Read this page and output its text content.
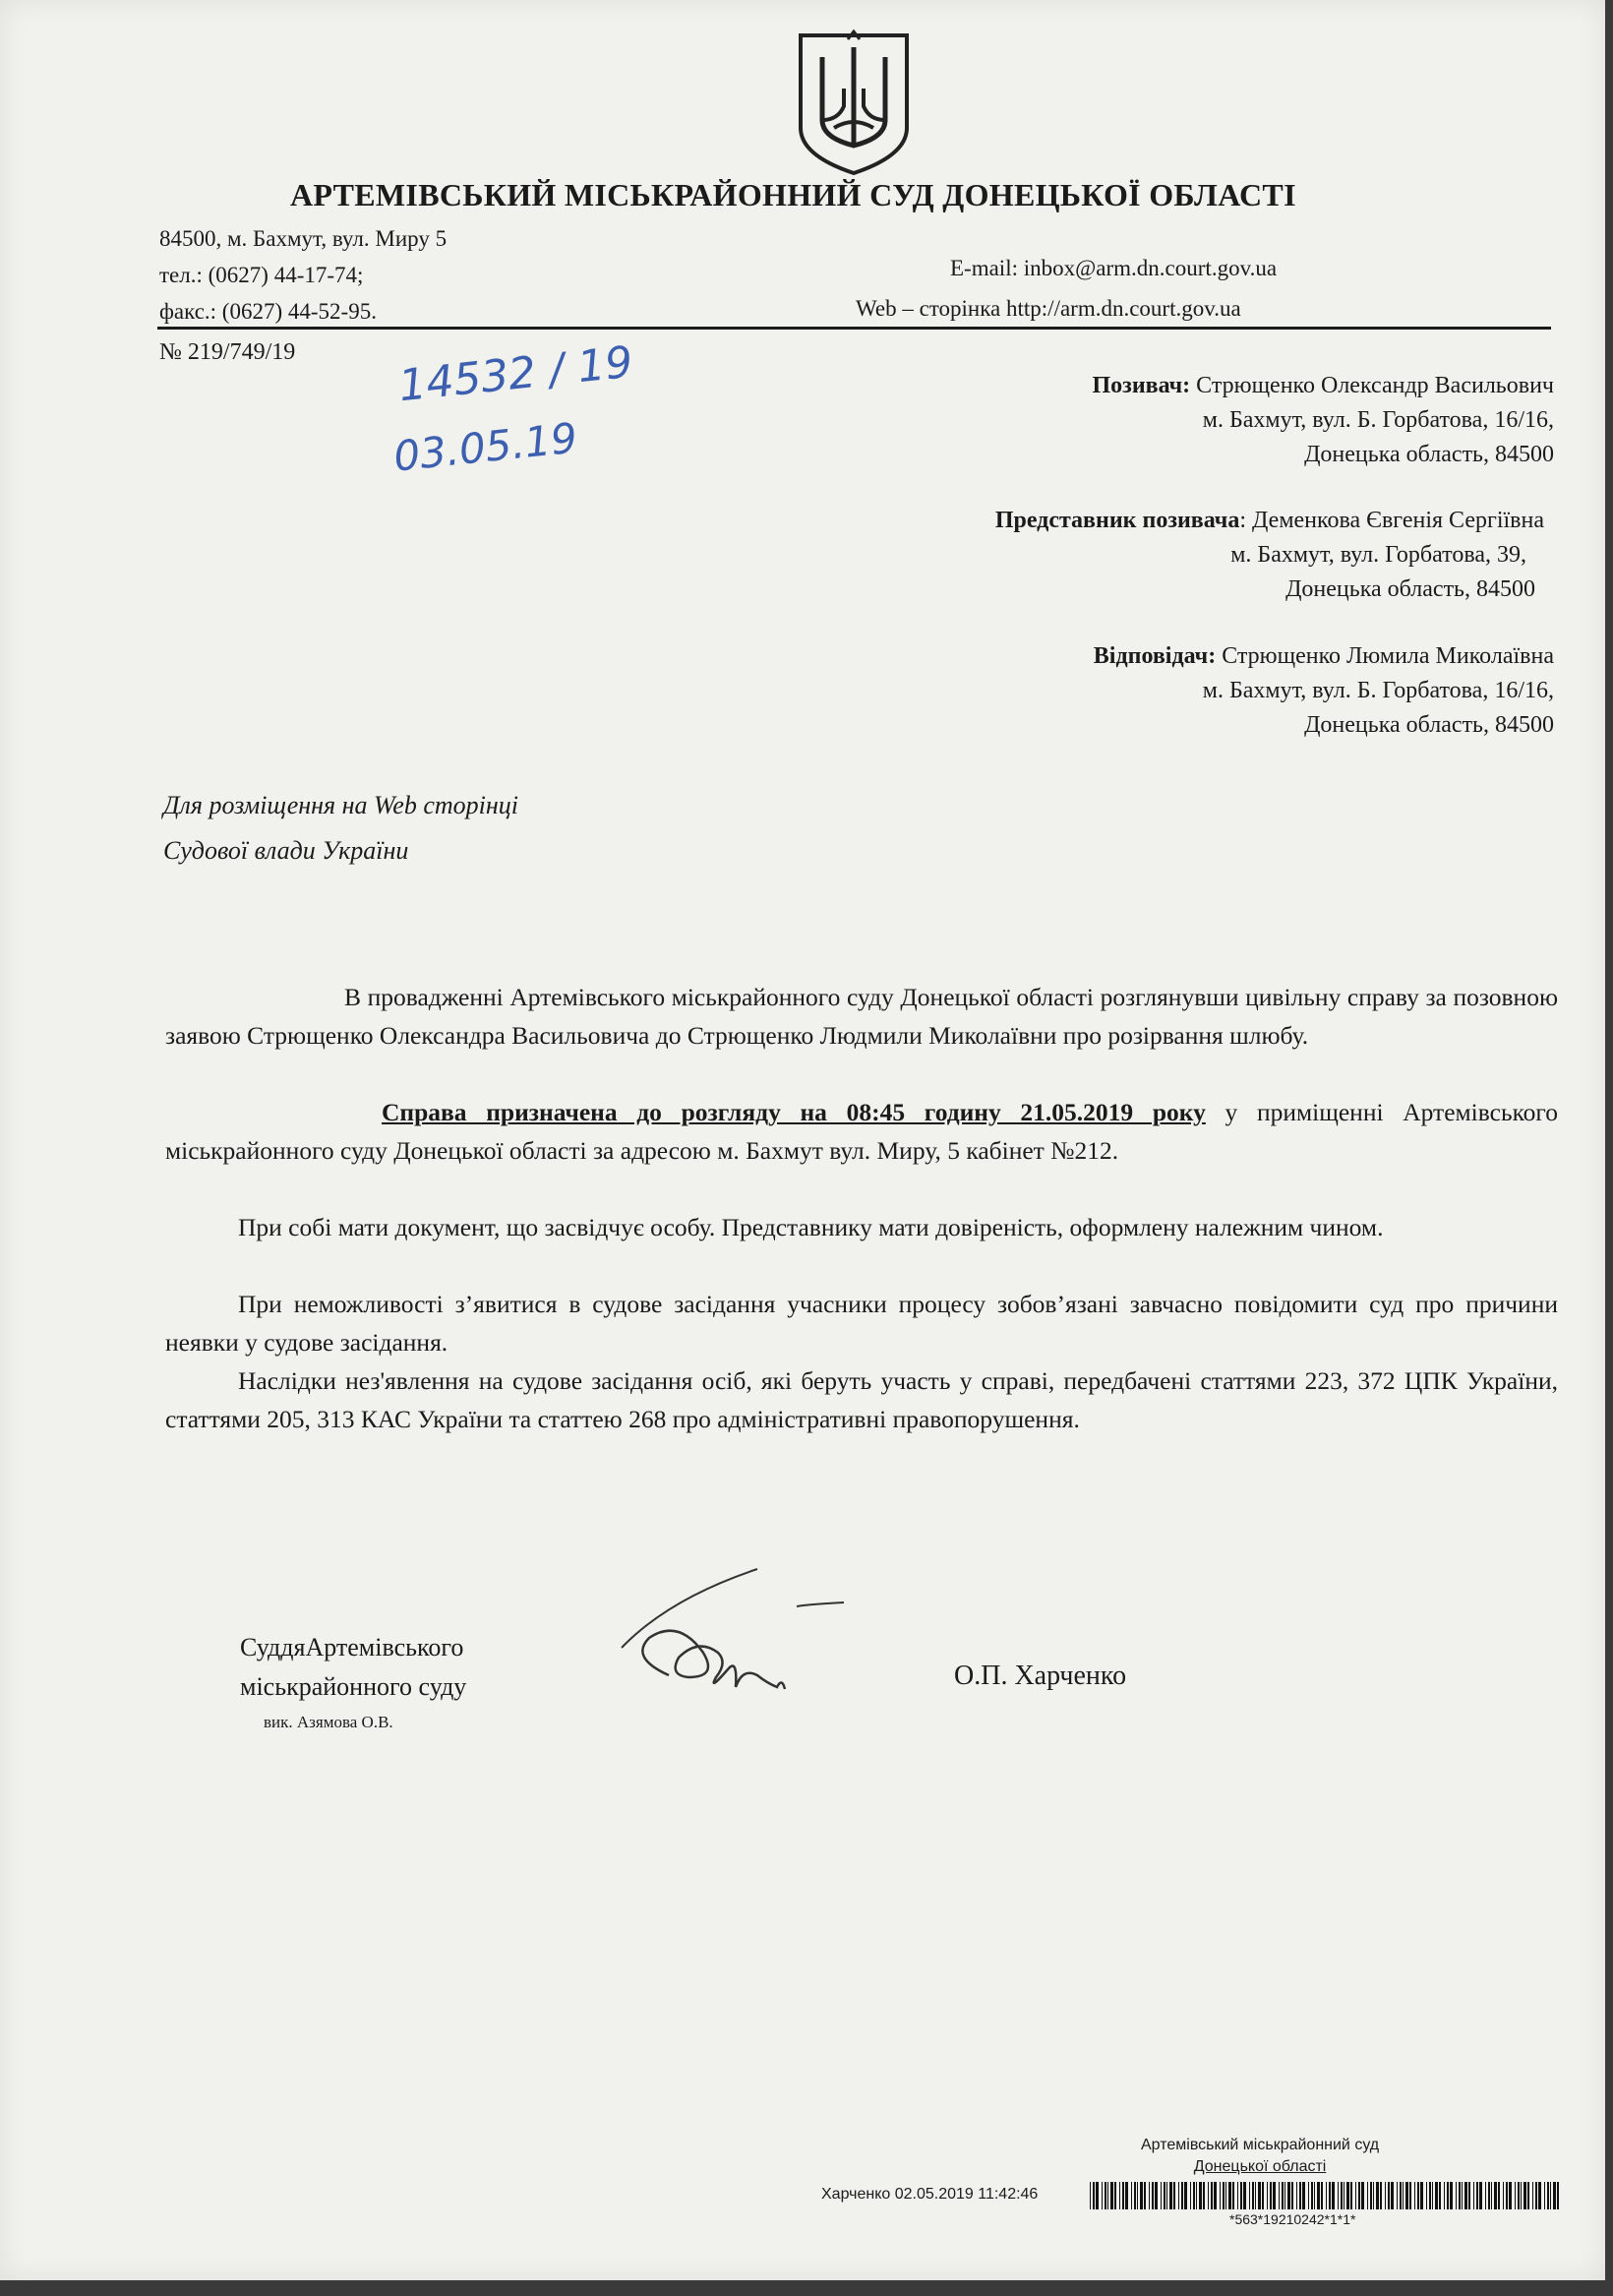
АРТЕМІВСЬКИЙ МІСЬКРАЙОННИЙ СУД ДОНЕЦЬКОЇ ОБЛАСТІ
84500, м. Бахмут, вул. Миру 5
тел.: (0627) 44-17-74;
факс.: (0627) 44-52-95.
E-mail: inbox@arm.dn.court.gov.ua
Web – сторінка http://arm.dn.court.gov.ua
№ 219/749/19 14532 / 19
03.05.19
Позивач: Стрющенко Олександр Васильович
м. Бахмут, вул. Б. Горбатова, 16/16,
Донецька область, 84500
Представник позивача: Деменкова Євгенія Сергіївна
м. Бахмут, вул. Горбатова, 39,
Донецька область, 84500
Відповідач: Стрющенко Люмила Миколаївна
м. Бахмут, вул. Б. Горбатова, 16/16,
Донецька область, 84500
Для розміщення на Web сторінці
Судової влади України
В провадженні Артемівського міськрайонного суду Донецької області розглянувши цивільну справу за позовною заявою Стрющенко Олександра Васильовича до Стрющенко Людмили Миколаївни про розірвання шлюбу.
Справа призначена до розгляду на 08:45 годину 21.05.2019 року у приміщенні Артемівського міськрайонного суду Донецької області за адресою м. Бахмут вул. Миру, 5 кабінет №212.
При собі мати документ, що засвідчує особу. Представнику мати довіреність, оформлену належним чином.
При неможливості з’явитися в судове засідання учасники процесу зобов’язані завчасно повідомити суд про причини неявки у судове засідання.
Наслідки нез'явлення на судове засідання осіб, які беруть участь у справі, передбачені статтями 223, 372 ЦПК України, статтями 205, 313 КАС України та статтею 268 про адміністративні правопорушення.
СуддяАртемівського
міськрайонного суду
вик. Азямова О.В.
О.П. Харченко
Артемівський міськрайонний суд
Донецької області
Харченко 02.05.2019 11:42:46
*563*19210242*1*1*
